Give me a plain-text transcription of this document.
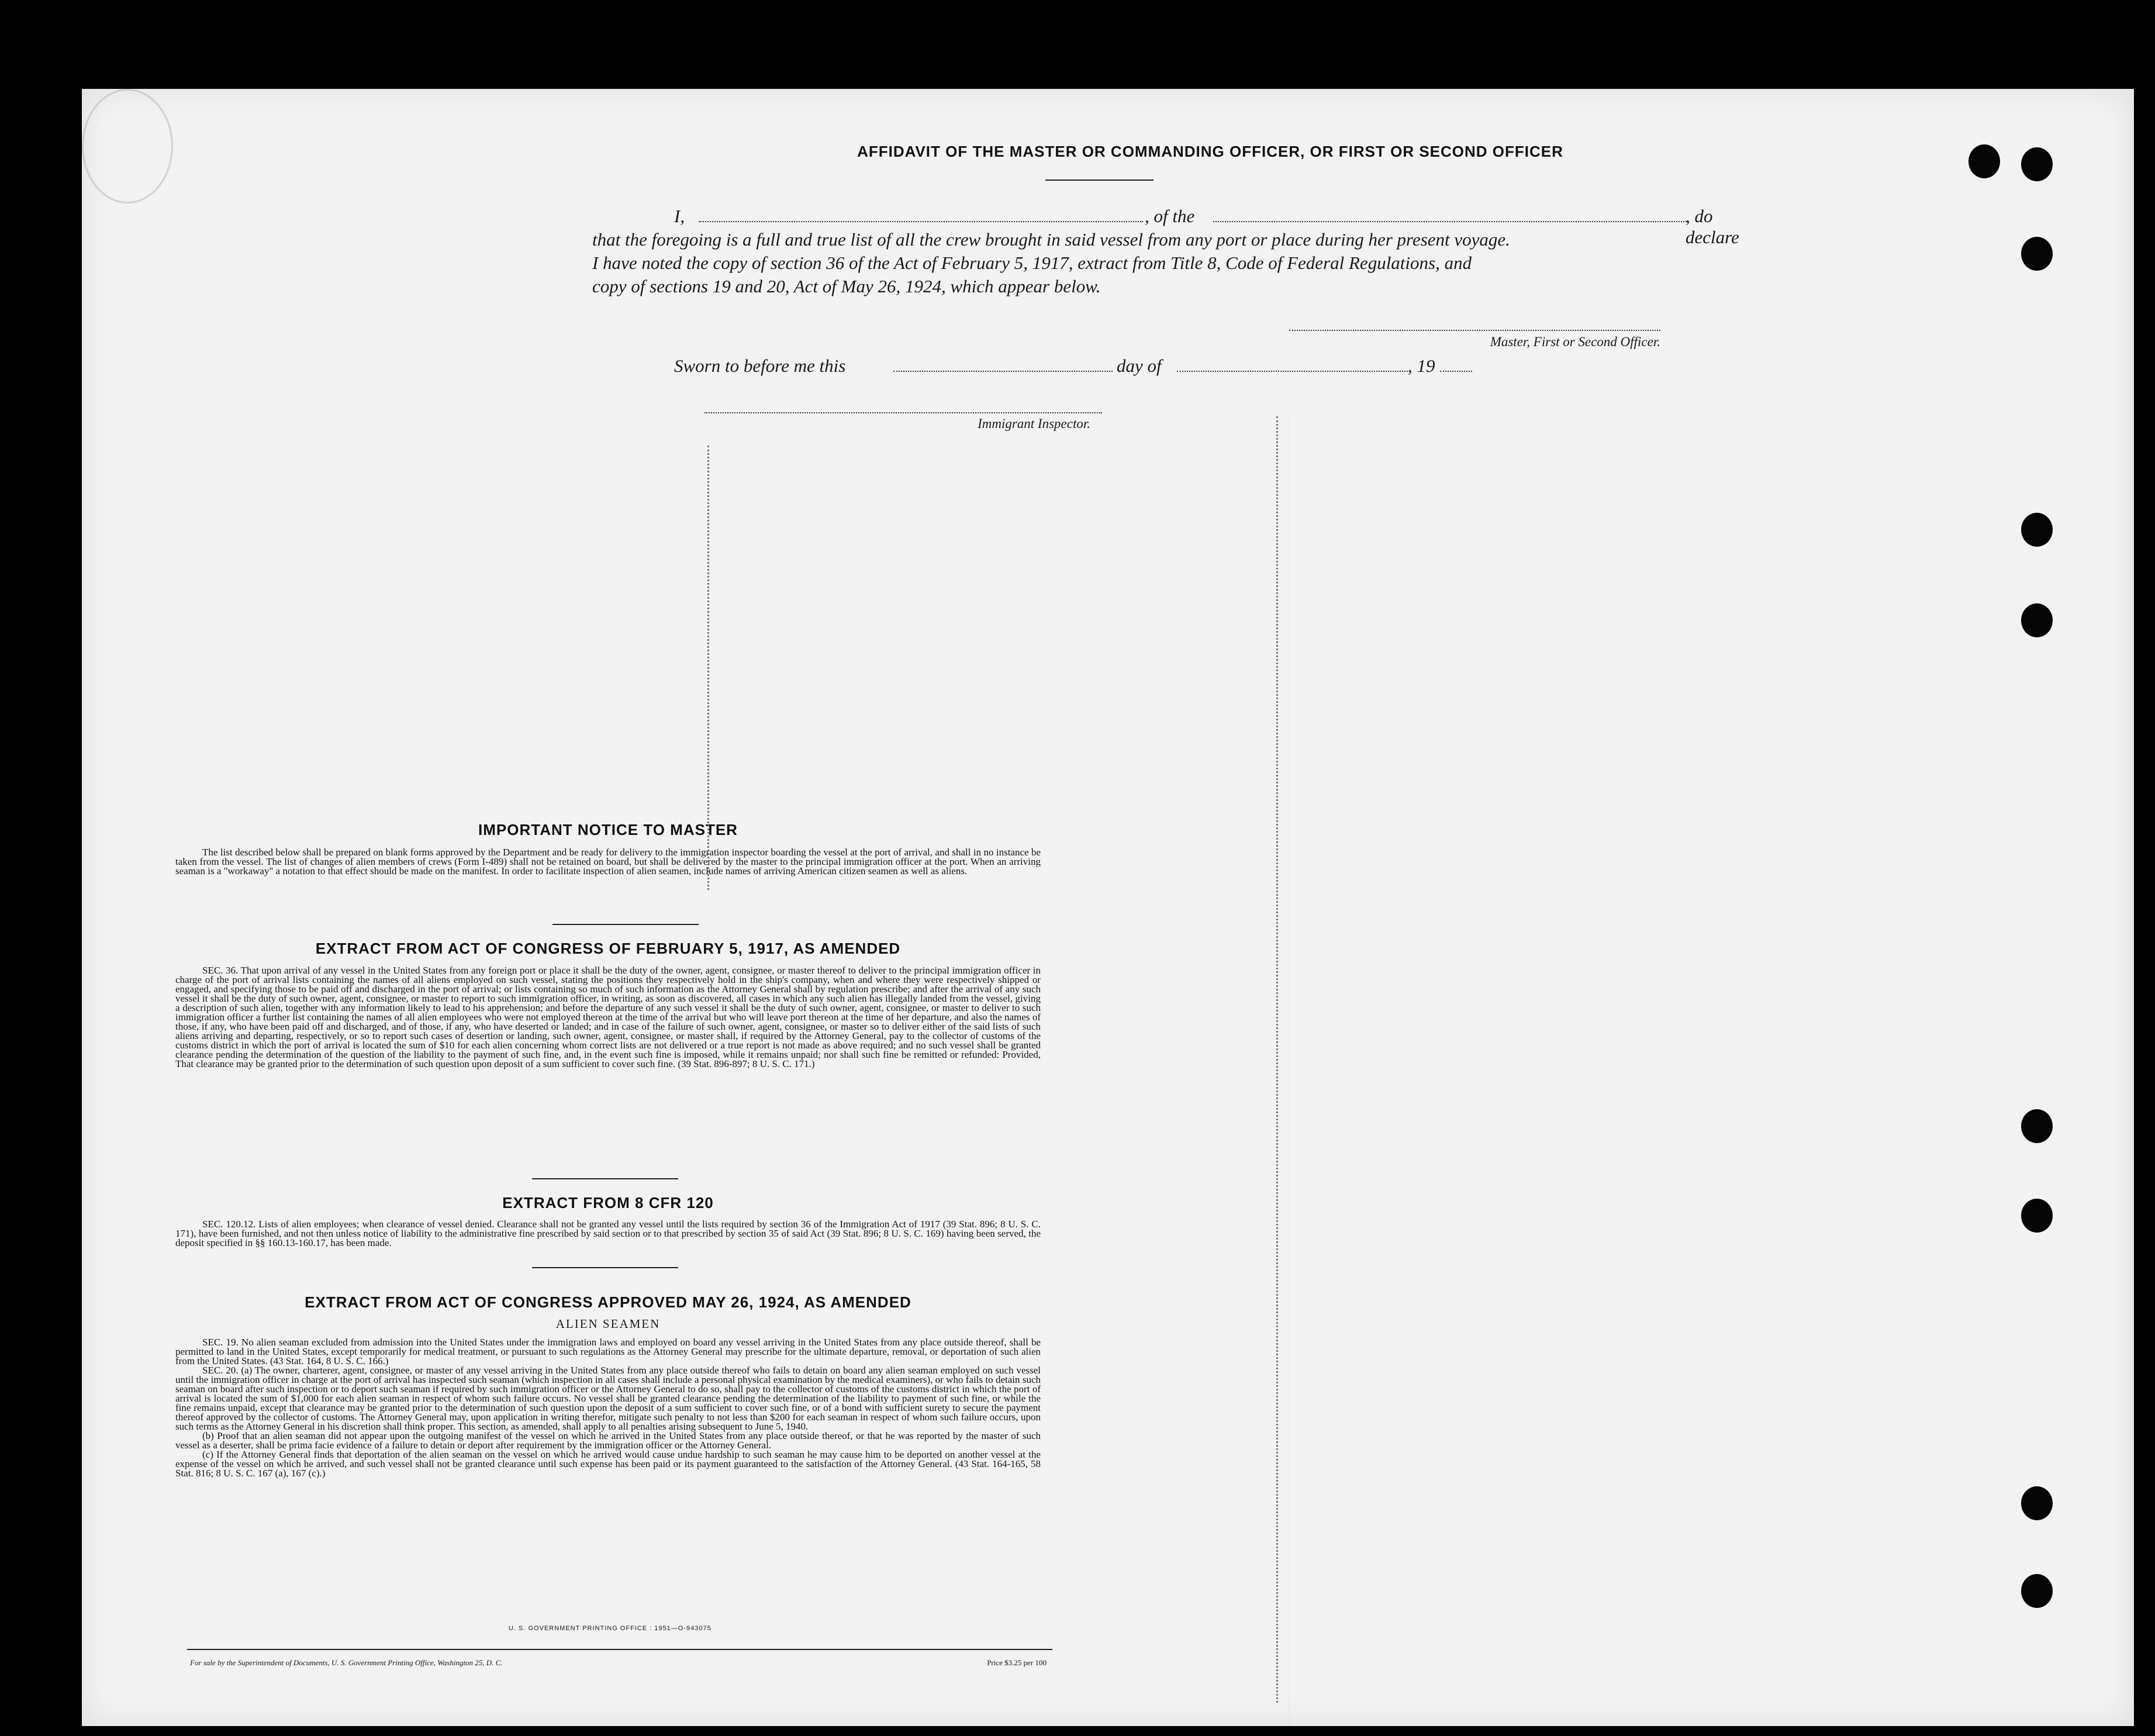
AFFIDAVIT OF THE MASTER OR COMMANDING OFFICER, OR FIRST OR SECOND OFFICER
I,	, of the	, do declare
that the foregoing is a full and true list of all the crew brought in said vessel from any port or place during her present voyage.
I have noted the copy of section 36 of the Act of February 5, 1917, extract from Title 8, Code of Federal Regulations, and
copy of sections 19 and 20, Act of May 26, 1924, which appear below.
Master, First or Second Officer.
Sworn to before me this	day of	, 19
Immigrant Inspector.
IMPORTANT NOTICE TO MASTER

The list described below shall be prepared on blank forms approved by the Department and be ready for delivery to the immigration inspector boarding the vessel at the port of arrival, and shall in no instance be taken from the vessel. The list of changes of alien members of crews (Form I-489) shall not be retained on board, but shall be delivered by the master to the principal immigration officer at the port. When an arriving seaman is a "workaway" a notation to that effect should be made on the manifest. In order to facilitate inspection of alien seamen, include names of arriving American citizen seamen as well as aliens.

EXTRACT FROM ACT OF CONGRESS OF FEBRUARY 5, 1917, AS AMENDED

SEC. 36. That upon arrival of any vessel in the United States from any foreign port or place it shall be the duty of the owner, agent, consignee, or master thereof to deliver to the principal immigration officer in charge of the port of arrival lists containing the names of all aliens employed on such vessel, stating the positions they respectively hold in the ship's company, when and where they were respectively shipped or engaged, and specifying those to be paid off and discharged in the port of arrival; or lists containing so much of such information as the Attorney General shall by regulation prescribe; and after the arrival of any such vessel it shall be the duty of such owner, agent, consignee, or master to report to such immigration officer, in writing, as soon as discovered, all cases in which any such alien has illegally landed from the vessel, giving a description of such alien, together with any information likely to lead to his apprehension; and before the departure of any such vessel it shall be the duty of such owner, agent, consignee, or master to deliver to such immigration officer a further list containing the names of all alien employees who were not employed thereon at the time of the arrival but who will leave port thereon at the time of her departure, and also the names of those, if any, who have been paid off and discharged, and of those, if any, who have deserted or landed; and in case of the failure of such owner, agent, consignee, or master so to deliver either of the said lists of such aliens arriving and departing, respectively, or so to report such cases of desertion or landing, such owner, agent, consignee, or master shall, if required by the Attorney General, pay to the collector of customs of the customs district in which the port of arrival is located the sum of $10 for each alien concerning whom correct lists are not delivered or a true report is not made as above required; and no such vessel shall be granted clearance pending the determination of the question of the liability to the payment of such fine, and, in the event such fine is imposed, while it remains unpaid; nor shall such fine be remitted or refunded: Provided, That clearance may be granted prior to the determination of such question upon deposit of a sum sufficient to cover such fine. (39 Stat. 896-897; 8 U. S. C. 171.)

EXTRACT FROM 8 CFR 120

SEC. 120.12. Lists of alien employees; when clearance of vessel denied. Clearance shall not be granted any vessel until the lists required by section 36 of the Immigration Act of 1917 (39 Stat. 896; 8 U. S. C. 171), have been furnished, and not then unless notice of liability to the administrative fine prescribed by said section or to that prescribed by section 35 of said Act (39 Stat. 896; 8 U. S. C. 169) having been served, the deposit specified in §§ 160.13-160.17, has been made.

EXTRACT FROM ACT OF CONGRESS APPROVED MAY 26, 1924, AS AMENDED
ALIEN SEAMEN

SEC. 19. No alien seaman excluded from admission into the United States under the immigration laws and employed on board any vessel arriving in the United States from any place outside thereof, shall be permitted to land in the United States, except temporarily for medical treatment, or pursuant to such regulations as the Attorney General may prescribe for the ultimate departure, removal, or deportation of such alien from the United States. (43 Stat. 164, 8 U. S. C. 166.)

SEC. 20. (a) The owner, charterer, agent, consignee, or master of any vessel arriving in the United States from any place outside thereof who fails to detain on board any alien seaman employed on such vessel until the immigration officer in charge at the port of arrival has inspected such seaman (which inspection in all cases shall include a personal physical examination by the medical examiners), or who fails to detain such seaman on board after such inspection or to deport such seaman if required by such immigration officer or the Attorney General to do so, shall pay to the collector of customs of the customs district in which the port of arrival is located the sum of $1,000 for each alien seaman in respect of whom such failure occurs. No vessel shall be granted clearance pending the determination of the liability to payment of such fine, or while the fine remains unpaid, except that clearance may be granted prior to the determination of such question upon the deposit of a sum sufficient to cover such fine, or of a bond with sufficient surety to secure the payment thereof approved by the collector of customs. The Attorney General may, upon application in writing therefor, mitigate such penalty to not less than $200 for each seaman in respect of whom such failure occurs, upon such terms as the Attorney General in his discretion shall think proper. This section, as amended, shall apply to all penalties arising subsequent to June 5, 1940.

(b) Proof that an alien seaman did not appear upon the outgoing manifest of the vessel on which he arrived in the United States from any place outside thereof, or that he was reported by the master of such vessel as a deserter, shall be prima facie evidence of a failure to detain or deport after requirement by the immigration officer or the Attorney General.

(c) If the Attorney General finds that deportation of the alien seaman on the vessel on which he arrived would cause undue hardship to such seaman he may cause him to be deported on another vessel at the expense of the vessel on which he arrived, and such vessel shall not be granted clearance until such expense has been paid or its payment guaranteed to the satisfaction of the Attorney General. (43 Stat. 164-165, 58 Stat. 816; 8 U. S. C. 167 (a), 167 (c).)

U. S. GOVERNMENT PRINTING OFFICE : 1951—O-943075
For sale by the Superintendent of Documents, U. S. Government Printing Office, Washington 25, D. C.	Price $3.25 per 100
